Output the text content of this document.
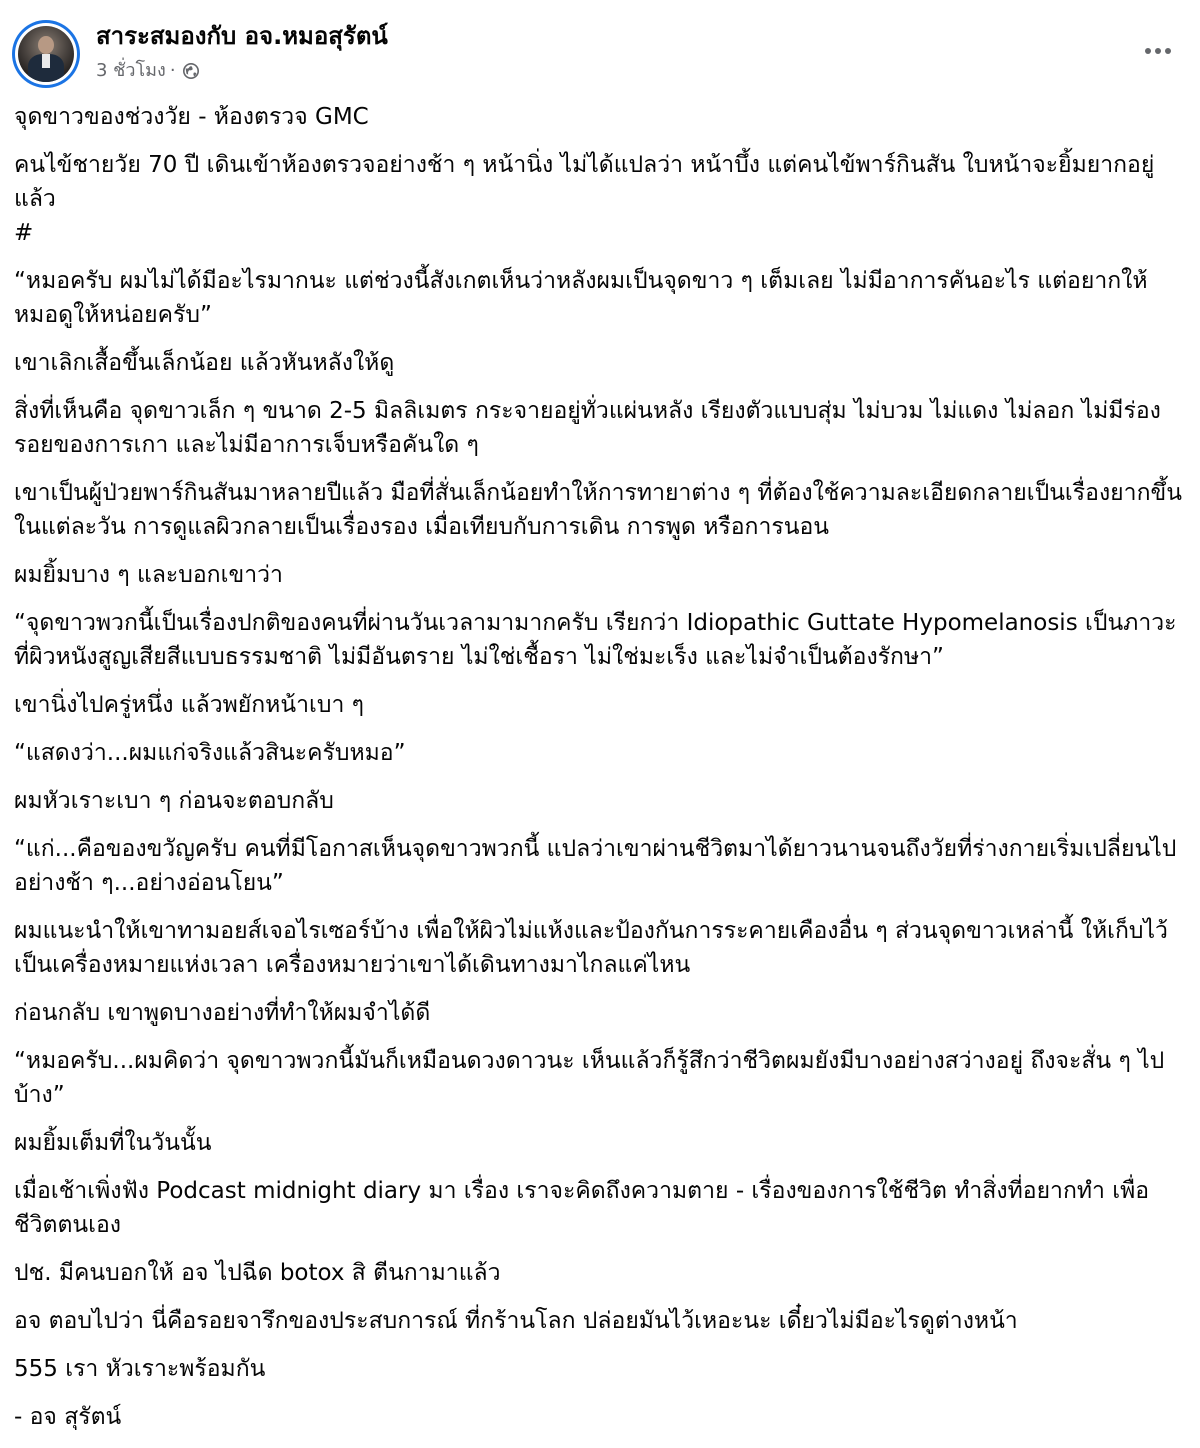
สาระสมองกับ อจ.หมอสุรัตน์
3 ชั่วโมง ·

จุดขาวของช่วงวัย - ห้องตรวจ GMC

คนไข้ชายวัย 70 ปี เดินเข้าห้องตรวจอย่างช้า ๆ หน้านิ่ง ไม่ได้แปลว่า หน้าบึ้ง แต่คนไข้พาร์กินสัน ใบหน้าจะยิ้มยากอยู่แล้ว

#

“หมอครับ ผมไม่ได้มีอะไรมากนะ แต่ช่วงนี้สังเกตเห็นว่าหลังผมเป็นจุดขาว ๆ เต็มเลย ไม่มีอาการคันอะไร แต่อยากให้หมอดูให้หน่อยครับ”

เขาเลิกเสื้อขึ้นเล็กน้อย แล้วหันหลังให้ดู

สิ่งที่เห็นคือ จุดขาวเล็ก ๆ ขนาด 2-5 มิลลิเมตร กระจายอยู่ทั่วแผ่นหลัง เรียงตัวแบบสุ่ม ไม่บวม ไม่แดง ไม่ลอก ไม่มีร่องรอยของการเกา และไม่มีอาการเจ็บหรือคันใด ๆ

เขาเป็นผู้ป่วยพาร์กินสันมาหลายปีแล้ว มือที่สั่นเล็กน้อยทำให้การทายาต่าง ๆ ที่ต้องใช้ความละเอียดกลายเป็นเรื่องยากขึ้นในแต่ละวัน การดูแลผิวกลายเป็นเรื่องรอง เมื่อเทียบกับการเดิน การพูด หรือการนอน

ผมยิ้มบาง ๆ และบอกเขาว่า

“จุดขาวพวกนี้เป็นเรื่องปกติของคนที่ผ่านวันเวลามามากครับ เรียกว่า Idiopathic Guttate Hypomelanosis เป็นภาวะที่ผิวหนังสูญเสียสีแบบธรรมชาติ ไม่มีอันตราย ไม่ใช่เชื้อรา ไม่ใช่มะเร็ง และไม่จำเป็นต้องรักษา”

เขานิ่งไปครู่หนึ่ง แล้วพยักหน้าเบา ๆ

“แสดงว่า...ผมแก่จริงแล้วสินะครับหมอ”

ผมหัวเราะเบา ๆ ก่อนจะตอบกลับ

“แก่...คือของขวัญครับ คนที่มีโอกาสเห็นจุดขาวพวกนี้ แปลว่าเขาผ่านชีวิตมาได้ยาวนานจนถึงวัยที่ร่างกายเริ่มเปลี่ยนไปอย่างช้า ๆ...อย่างอ่อนโยน”

ผมแนะนำให้เขาทามอยส์เจอไรเซอร์บ้าง เพื่อให้ผิวไม่แห้งและป้องกันการระคายเคืองอื่น ๆ ส่วนจุดขาวเหล่านี้ ให้เก็บไว้เป็นเครื่องหมายแห่งเวลา เครื่องหมายว่าเขาได้เดินทางมาไกลแค่ไหน

ก่อนกลับ เขาพูดบางอย่างที่ทำให้ผมจำได้ดี

“หมอครับ...ผมคิดว่า จุดขาวพวกนี้มันก็เหมือนดวงดาวนะ เห็นแล้วก็รู้สึกว่าชีวิตผมยังมีบางอย่างสว่างอยู่ ถึงจะสั่น ๆ ไปบ้าง”

ผมยิ้มเต็มที่ในวันนั้น

เมื่อเช้าเพิ่งฟัง Podcast midnight diary มา เรื่อง เราจะคิดถึงความตาย - เรื่องของการใช้ชีวิต ทำสิ่งที่อยากทำ เพื่อชีวิตตนเอง

ปช. มีคนบอกให้ อจ ไปฉีด botox สิ ตีนกามาแล้ว

อจ ตอบไปว่า นี่คือรอยจารึกของประสบการณ์ ที่กร้านโลก ปล่อยมันไว้เหอะนะ เดี๋ยวไม่มีอะไรดูต่างหน้า

555 เรา หัวเราะพร้อมกัน

- อจ สุรัตน์
